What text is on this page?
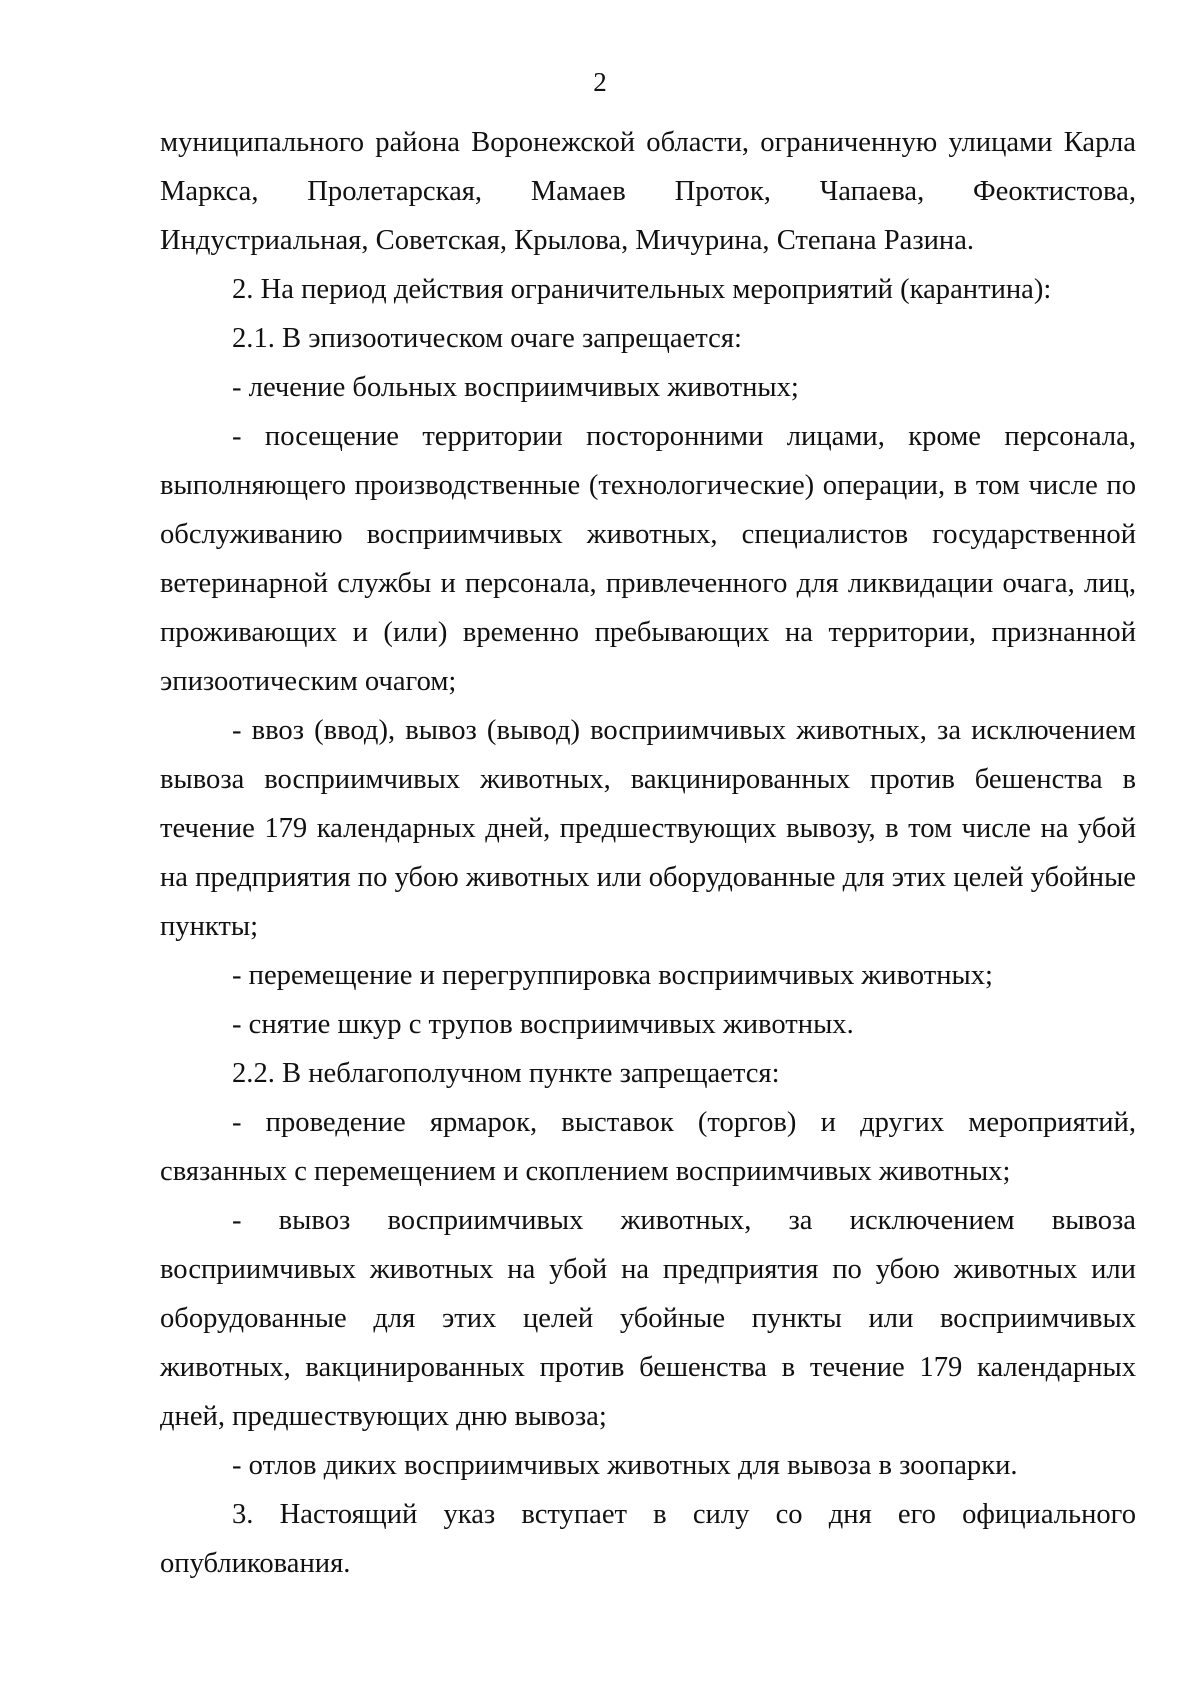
2

муниципального района Воронежской области, ограниченную улицами Карла Маркса, Пролетарская, Мамаев Проток, Чапаева, Феоктистова, Индустриальная, Советская, Крылова, Мичурина, Степана Разина.

2. На период действия ограничительных мероприятий (карантина):

2.1. В эпизоотическом очаге запрещается:

- лечение больных восприимчивых животных;

- посещение территории посторонними лицами, кроме персонала, выполняющего производственные (технологические) операции, в том числе по обслуживанию восприимчивых животных, специалистов государственной ветеринарной службы и персонала, привлеченного для ликвидации очага, лиц, проживающих и (или) временно пребывающих на территории, признанной эпизоотическим очагом;

- ввоз (ввод), вывоз (вывод) восприимчивых животных, за исключением вывоза восприимчивых животных, вакцинированных против бешенства в течение 179 календарных дней, предшествующих вывозу, в том числе на убой на предприятия по убою животных или оборудованные для этих целей убойные пункты;

- перемещение и перегруппировка восприимчивых животных;

- снятие шкур с трупов восприимчивых животных.

2.2. В неблагополучном пункте запрещается:

- проведение ярмарок, выставок (торгов) и других мероприятий, связанных с перемещением и скоплением восприимчивых животных;

- вывоз восприимчивых животных, за исключением вывоза восприимчивых животных на убой на предприятия по убою животных или оборудованные для этих целей убойные пункты или восприимчивых животных, вакцинированных против бешенства в течение 179 календарных дней, предшествующих дню вывоза;

- отлов диких восприимчивых животных для вывоза в зоопарки.

3. Настоящий указ вступает в силу со дня его официального опубликования.
